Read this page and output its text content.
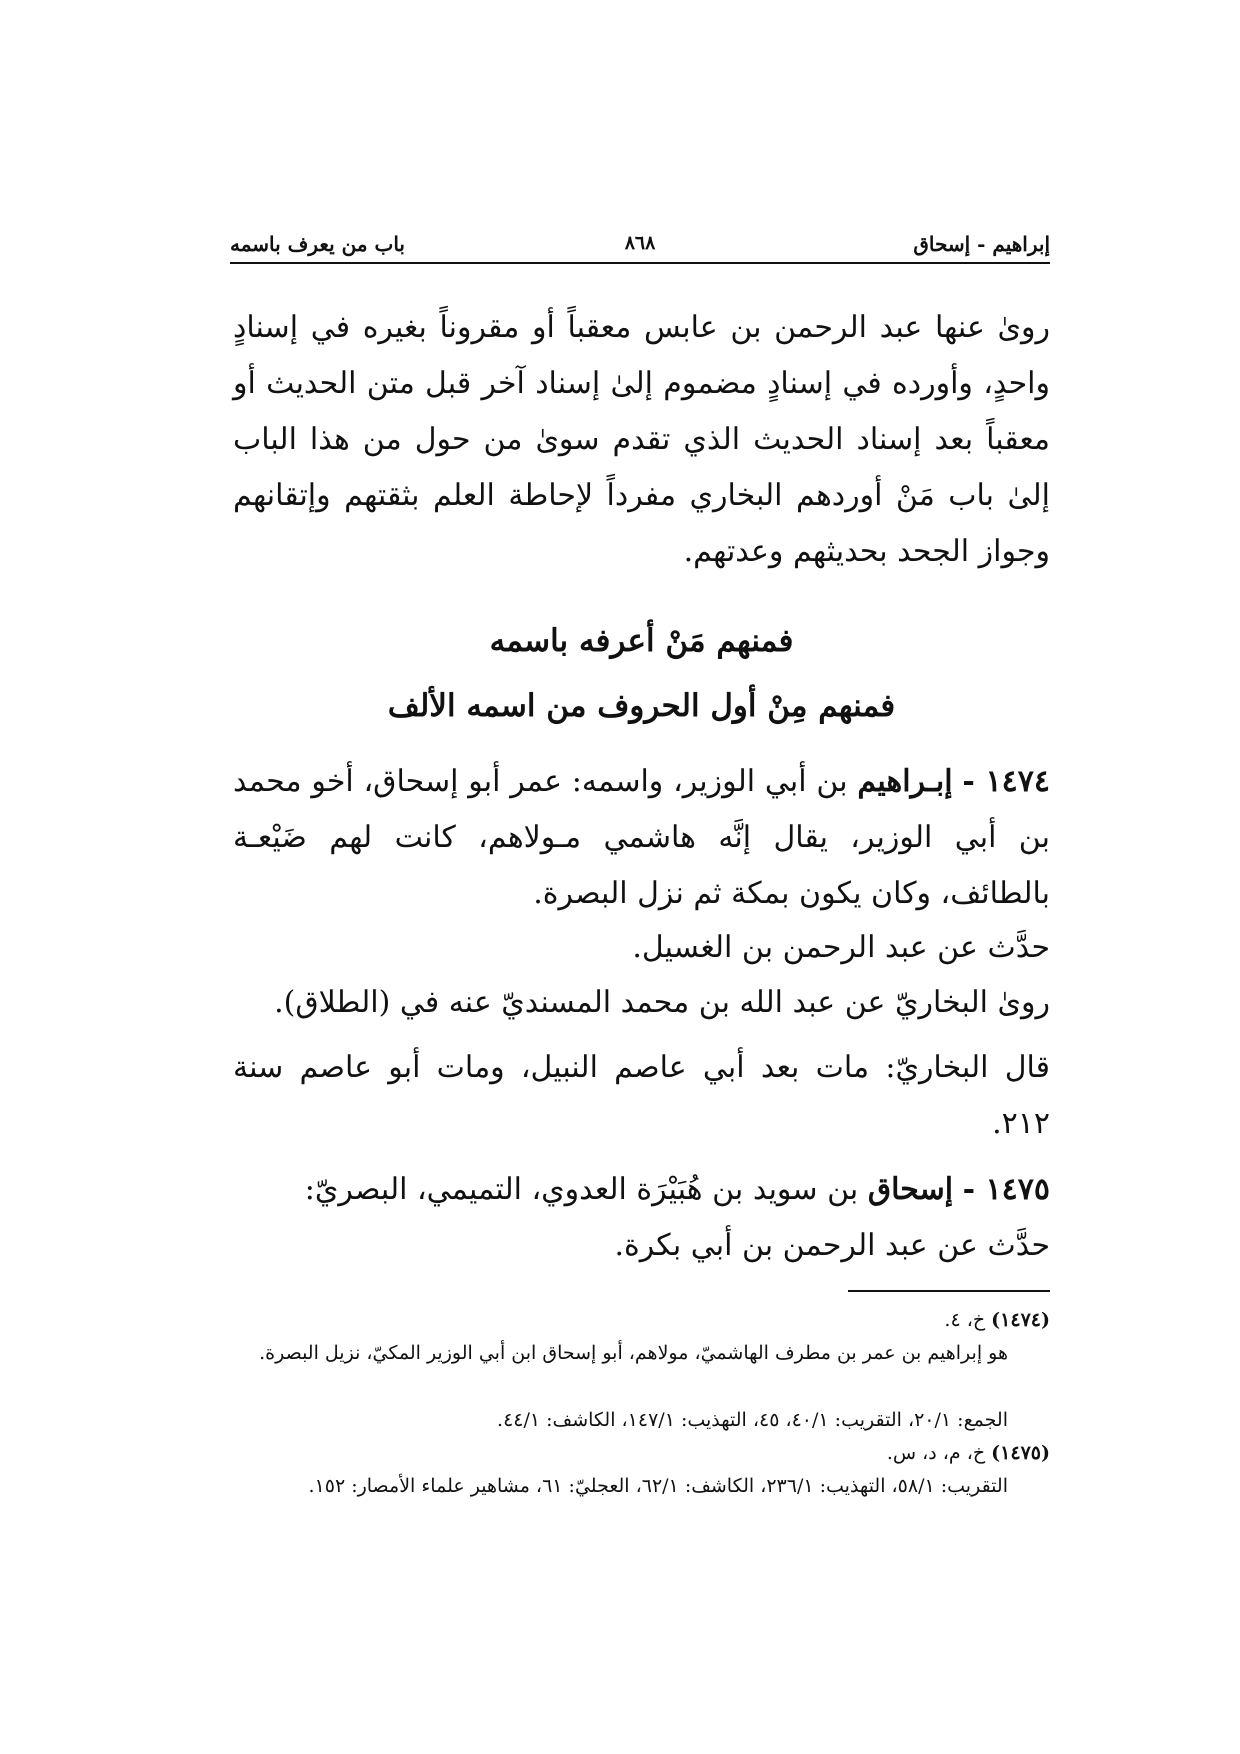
إبراهيم - إسحاق
٨٦٨
باب من يعرف باسمه
روىٰ عنها عبد الرحمن بن عابس معقباً أو مقروناً بغيره في إسنادٍ واحدٍ، وأورده في إسنادٍ مضموم إلىٰ إسناد آخر قبل متن الحديث أو معقباً بعد إسناد الحديث الذي تقدم سوىٰ من حول من هذا الباب إلىٰ باب مَنْ أوردهم البخاري مفرداً لإحاطة العلم بثقتهم وإتقانهم وجواز الجحد بحديثهم وعدتهم.
فمنهم مَنْ أعرفه باسمه
فمنهم مِنْ أول الحروف من اسمه الألف
١٤٧٤ - إبـراهيم بن أبي الوزير، واسمه: عمر أبو إسحاق، أخو محمد بن أبي الوزير، يقال إنَّه هاشمي مـولاهم، كانت لهم ضَيْعـة بالطائف، وكان يكون بمكة ثم نزل البصرة.
حدَّث عن عبد الرحمن بن الغسيل.
روىٰ البخاريّ عن عبد الله بن محمد المسنديّ عنه في (الطلاق).
قال البخاريّ: مات بعد أبي عاصم النبيل، ومات أبو عاصم سنة ٢١٢.
١٤٧٥ - إسحاق بن سويد بن هُبَيْرَة العدوي، التميمي، البصريّ:
حدَّث عن عبد الرحمن بن أبي بكرة.
(١٤٧٤) خ، ٤.
هو إبراهيم بن عمر بن مطرف الهاشميّ، مولاهم، أبو إسحاق ابن أبي الوزير المكيّ، نزيل البصرة.
الجمع: ٢٠/١، التقريب: ٤٠/١، ٤٥، التهذيب: ١٤٧/١، الكاشف: ٤٤/١.
(١٤٧٥) خ، م، د، س.
التقريب: ٥٨/١، التهذيب: ٢٣٦/١، الكاشف: ٦٢/١، العجليّ: ٦١، مشاهير علماء الأمصار: ١٥٢.
